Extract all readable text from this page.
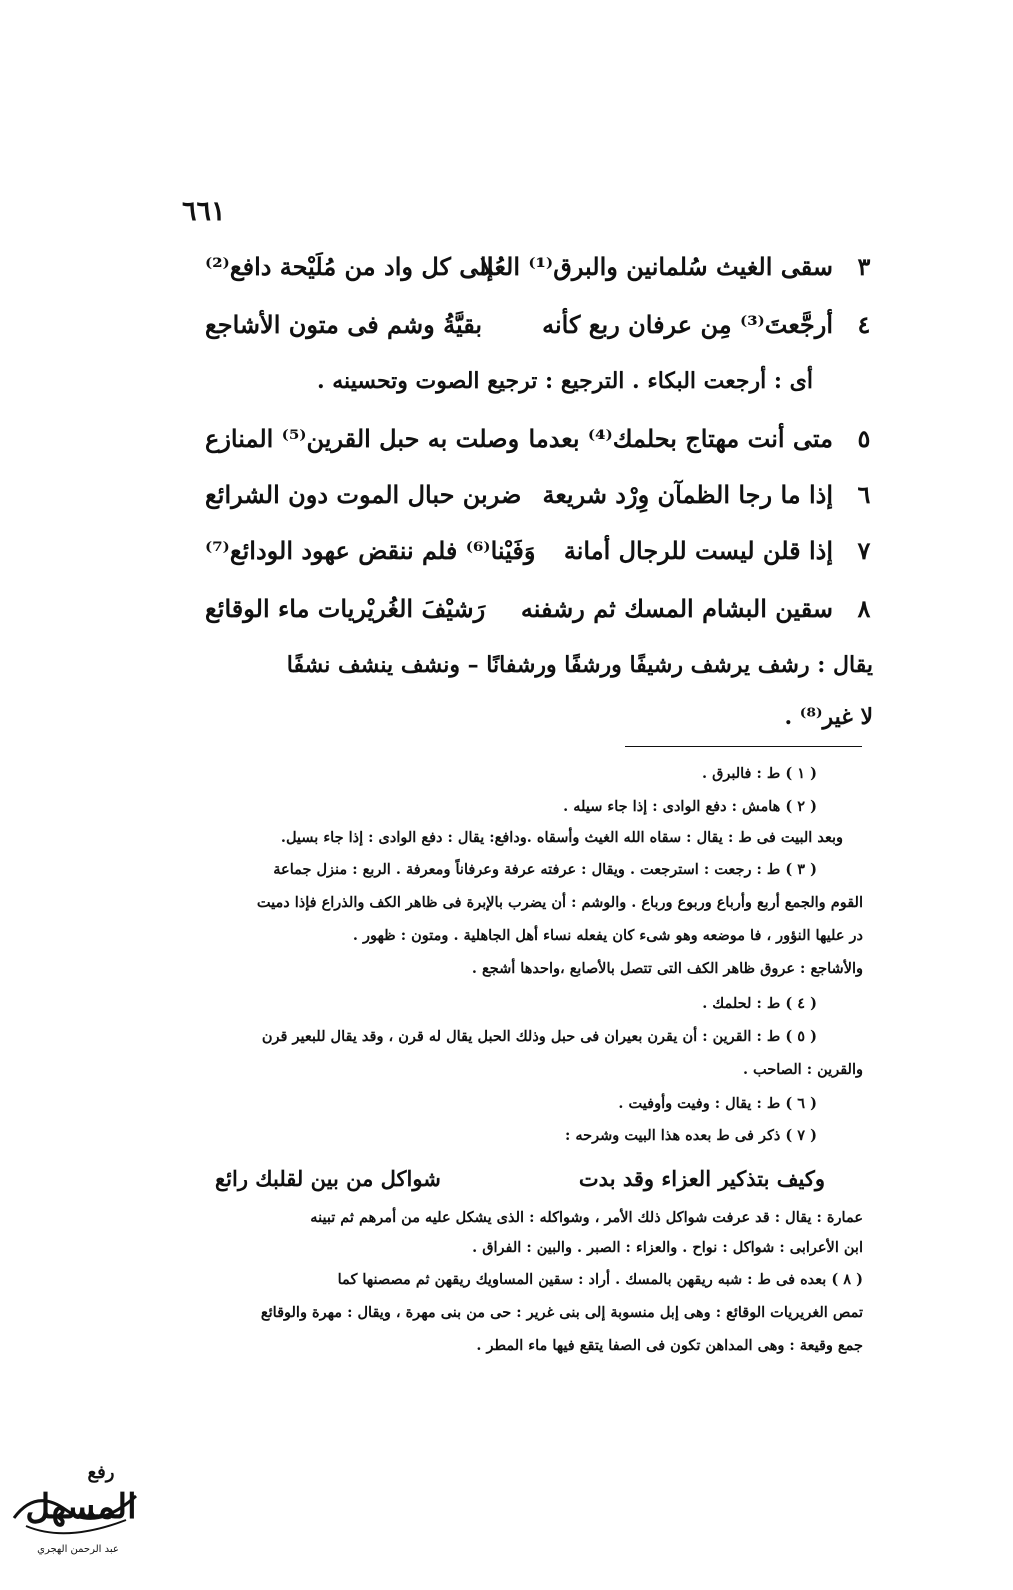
٦٦١
٣
سقى الغيث سُلمانين والبرق⁽¹⁾ العُلا
إلى كل واد من مُلَيْحة دافع⁽²⁾
٤
أرجَّعتَ⁽³⁾ مِن عرفان ربع كأنه
بقيَّةُ وشم فى متون الأشاجع
أى : أرجعت البكاء . الترجيع : ترجيع الصوت وتحسينه .
٥
متى أنت مهتاج بحلمك⁽⁴⁾ بعدما
وصلت به حبل القرين⁽⁵⁾ المنازع
٦
إذا ما رجا الظمآن وِرْد شريعة
ضربن حبال الموت دون الشرائع
٧
إذا قلن ليست للرجال أمانة
وَفَيْنا⁽⁶⁾ فلم ننقض عهود الودائع⁽⁷⁾
٨
سقين البشام المسك ثم رشفنه
رَشيْفَ الغُريْريات ماء الوقائع
يقال : رشف يرشف رشيفًا ورشفًا ورشفانًا – ونشف ينشف نشفًا
لا غير⁽⁸⁾ .
( ١ ) ط : فالبرق .
( ٢ ) هامش : دفع الوادى : إذا جاء سيله .
وبعد البيت فى ط : يقال : سقاه الله الغيث وأسقاه .ودافع: يقال : دفع الوادى : إذا جاء بسيل.
( ٣ ) ط : رجعت : استرجعت . ويقال : عرفته عرفة وعرفاناً ومعرفة . الربع : منزل جماعة
القوم والجمع أربع وأرباع وربوع ورباع . والوشم : أن يضرب بالإبرة فى ظاهر الكف والذراع فإذا دميت
در عليها النؤور ، فا موضعه وهو شىء كان يفعله نساء أهل الجاهلية . ومتون : ظهور .
والأشاجع : عروق ظاهر الكف التى تتصل بالأصابع ،واحدها أشجع .
( ٤ ) ط : لحلمك .
( ٥ ) ط : القرين : أن يقرن بعيران فى حبل وذلك الحبل يقال له قرن ، وقد يقال للبعير قرن
والقرين : الصاحب .
( ٦ ) ط : يقال : وفيت وأوفيت .
( ٧ ) ذكر فى ط بعده هذا البيت وشرحه :
وكيف بتذكير العزاء وقد بدت
شواكل من بين لقلبك رائع
عمارة : يقال : قد عرفت شواكل ذلك الأمر ، وشواكله : الذى يشكل عليه من أمرهم ثم تبينه
ابن الأعرابى : شواكل : نواح . والعزاء : الصبر . والبين : الفراق .
( ٨ ) بعده فى ط : شبه ريقهن بالمسك . أراد : سقين المساويك ريقهن ثم مصصنها كما
تمص الغريريات الوقائع : وهى إبل منسوبة إلى بنى غرير : حى من بنى مهرة ، ويقال : مهرة والوقائع
جمع وقيعة : وهى المداهن تكون فى الصفا يتقع فيها ماء المطر .
المسهل
رفع
عبد الرحمن الهجري
